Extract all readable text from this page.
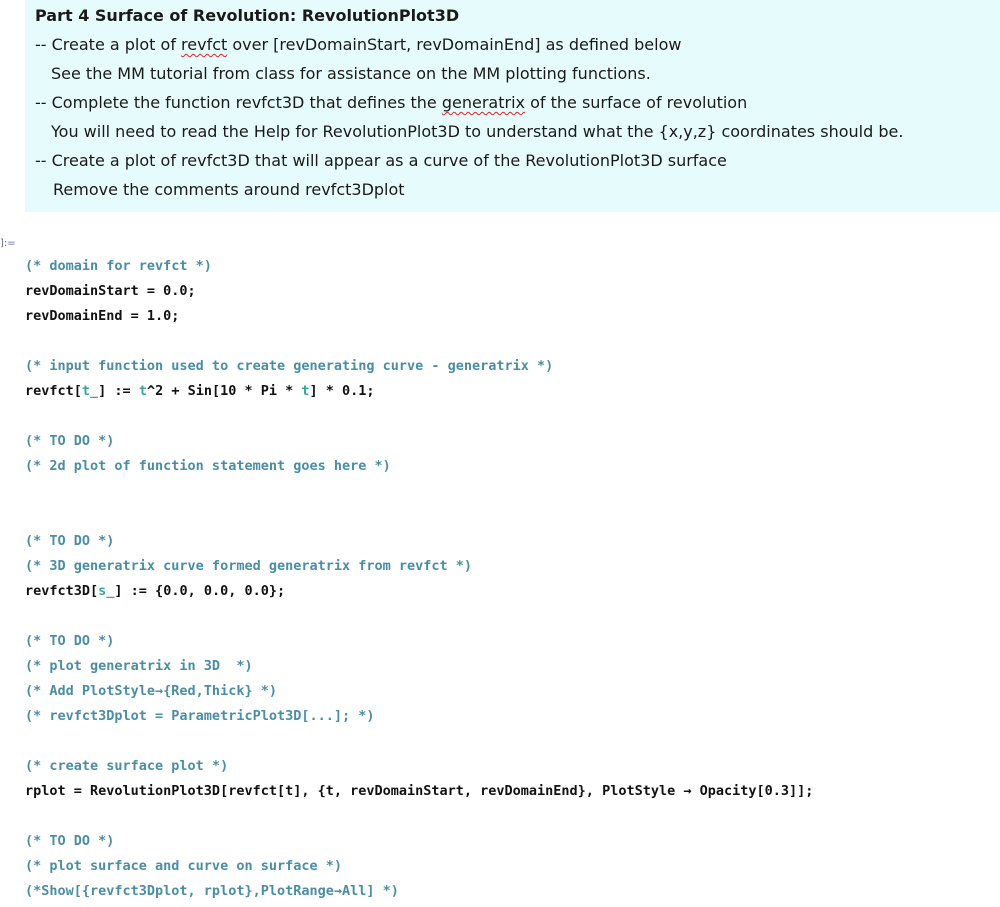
Part 4 Surface of Revolution: RevolutionPlot3D
-- Create a plot of revfct over [revDomainStart, revDomainEnd] as defined below
See the MM tutorial from class for assistance on the MM plotting functions.
-- Complete the function revfct3D that defines the generatrix of the surface of revolution
You will need to read the Help for RevolutionPlot3D to understand what the {x,y,z} coordinates should be.
-- Create a plot of revfct3D that will appear as a curve of the RevolutionPlot3D surface
Remove the comments around revfct3Dplot
]:=
(* domain for revfct *)
revDomainStart = 0.0;
revDomainEnd = 1.0;
(* input function used to create generating curve - generatrix *)
revfct[t_] := t^2 + Sin[10 * Pi * t] * 0.1;
(* TO DO *)
(* 2d plot of function statement goes here *)
(* TO DO *)
(* 3D generatrix curve formed generatrix from revfct *)
revfct3D[s_] := {0.0, 0.0, 0.0};
(* TO DO *)
(* plot generatrix in 3D  *)
(* Add PlotStyle→{Red,Thick} *)
(* revfct3Dplot = ParametricPlot3D[...]; *)
(* create surface plot *)
rplot = RevolutionPlot3D[revfct[t], {t, revDomainStart, revDomainEnd}, PlotStyle → Opacity[0.3]];
(* TO DO *)
(* plot surface and curve on surface *)
(*Show[{revfct3Dplot, rplot},PlotRange→All] *)
